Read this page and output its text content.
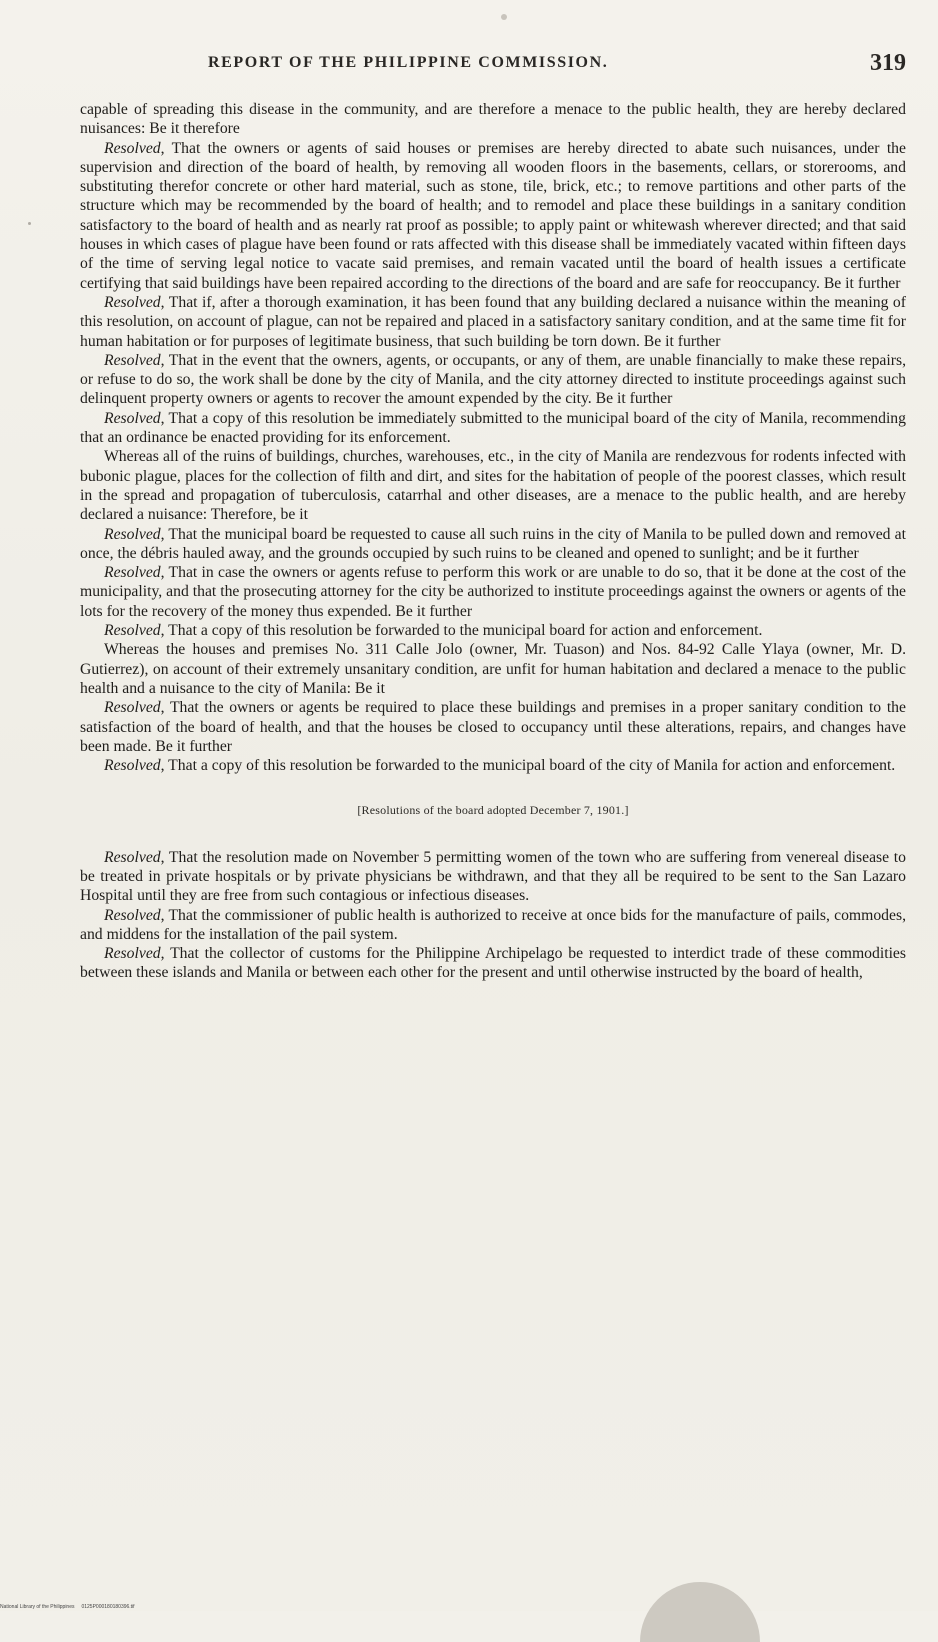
REPORT OF THE PHILIPPINE COMMISSION.	319

capable of spreading this disease in the community, and are therefore a menace to the public health, they are hereby declared nuisances: Be it therefore

Resolved, That the owners or agents of said houses or premises are hereby directed to abate such nuisances, under the supervision and direction of the board of health, by removing all wooden floors in the basements, cellars, or storerooms, and substituting therefor concrete or other hard material, such as stone, tile, brick, etc.; to remove partitions and other parts of the structure which may be recommended by the board of health; and to remodel and place these buildings in a sanitary condition satisfactory to the board of health and as nearly rat proof as possible; to apply paint or whitewash wherever directed; and that said houses in which cases of plague have been found or rats affected with this disease shall be immediately vacated within fifteen days of the time of serving legal notice to vacate said premises, and remain vacated until the board of health issues a certificate certifying that said buildings have been repaired according to the directions of the board and are safe for reoccupancy. Be it further

Resolved, That if, after a thorough examination, it has been found that any building declared a nuisance within the meaning of this resolution, on account of plague, can not be repaired and placed in a satisfactory sanitary condition, and at the same time fit for human habitation or for purposes of legitimate business, that such building be torn down. Be it further

Resolved, That in the event that the owners, agents, or occupants, or any of them, are unable financially to make these repairs, or refuse to do so, the work shall be done by the city of Manila, and the city attorney directed to institute proceedings against such delinquent property owners or agents to recover the amount expended by the city. Be it further

Resolved, That a copy of this resolution be immediately submitted to the municipal board of the city of Manila, recommending that an ordinance be enacted providing for its enforcement.

Whereas all of the ruins of buildings, churches, warehouses, etc., in the city of Manila are rendezvous for rodents infected with bubonic plague, places for the collection of filth and dirt, and sites for the habitation of people of the poorest classes, which result in the spread and propagation of tuberculosis, catarrhal and other diseases, are a menace to the public health, and are hereby declared a nuisance: Therefore, be it

Resolved, That the municipal board be requested to cause all such ruins in the city of Manila to be pulled down and removed at once, the débris hauled away, and the grounds occupied by such ruins to be cleaned and opened to sunlight; and be it further

Resolved, That in case the owners or agents refuse to perform this work or are unable to do so, that it be done at the cost of the municipality, and that the prosecuting attorney for the city be authorized to institute proceedings against the owners or agents of the lots for the recovery of the money thus expended. Be it further

Resolved, That a copy of this resolution be forwarded to the municipal board for action and enforcement.

Whereas the houses and premises No. 311 Calle Jolo (owner, Mr. Tuason) and Nos. 84-92 Calle Ylaya (owner, Mr. D. Gutierrez), on account of their extremely unsanitary condition, are unfit for human habitation and declared a menace to the public health and a nuisance to the city of Manila: Be it

Resolved, That the owners or agents be required to place these buildings and premises in a proper sanitary condition to the satisfaction of the board of health, and that the houses be closed to occupancy until these alterations, repairs, and changes have been made. Be it further

Resolved, That a copy of this resolution be forwarded to the municipal board of the city of Manila for action and enforcement.

[Resolutions of the board adopted December 7, 1901.]

Resolved, That the resolution made on November 5 permitting women of the town who are suffering from venereal disease to be treated in private hospitals or by private physicians be withdrawn, and that they all be required to be sent to the San Lazaro Hospital until they are free from such contagious or infectious diseases.

Resolved, That the commissioner of public health is authorized to receive at once bids for the manufacture of pails, commodes, and middens for the installation of the pail system.

Resolved, That the collector of customs for the Philippine Archipelago be requested to interdict trade of these commodities between these islands and Manila or between each other for the present and until otherwise instructed by the board of health,

National Library of the Philippines 0125P000180180396.tif
